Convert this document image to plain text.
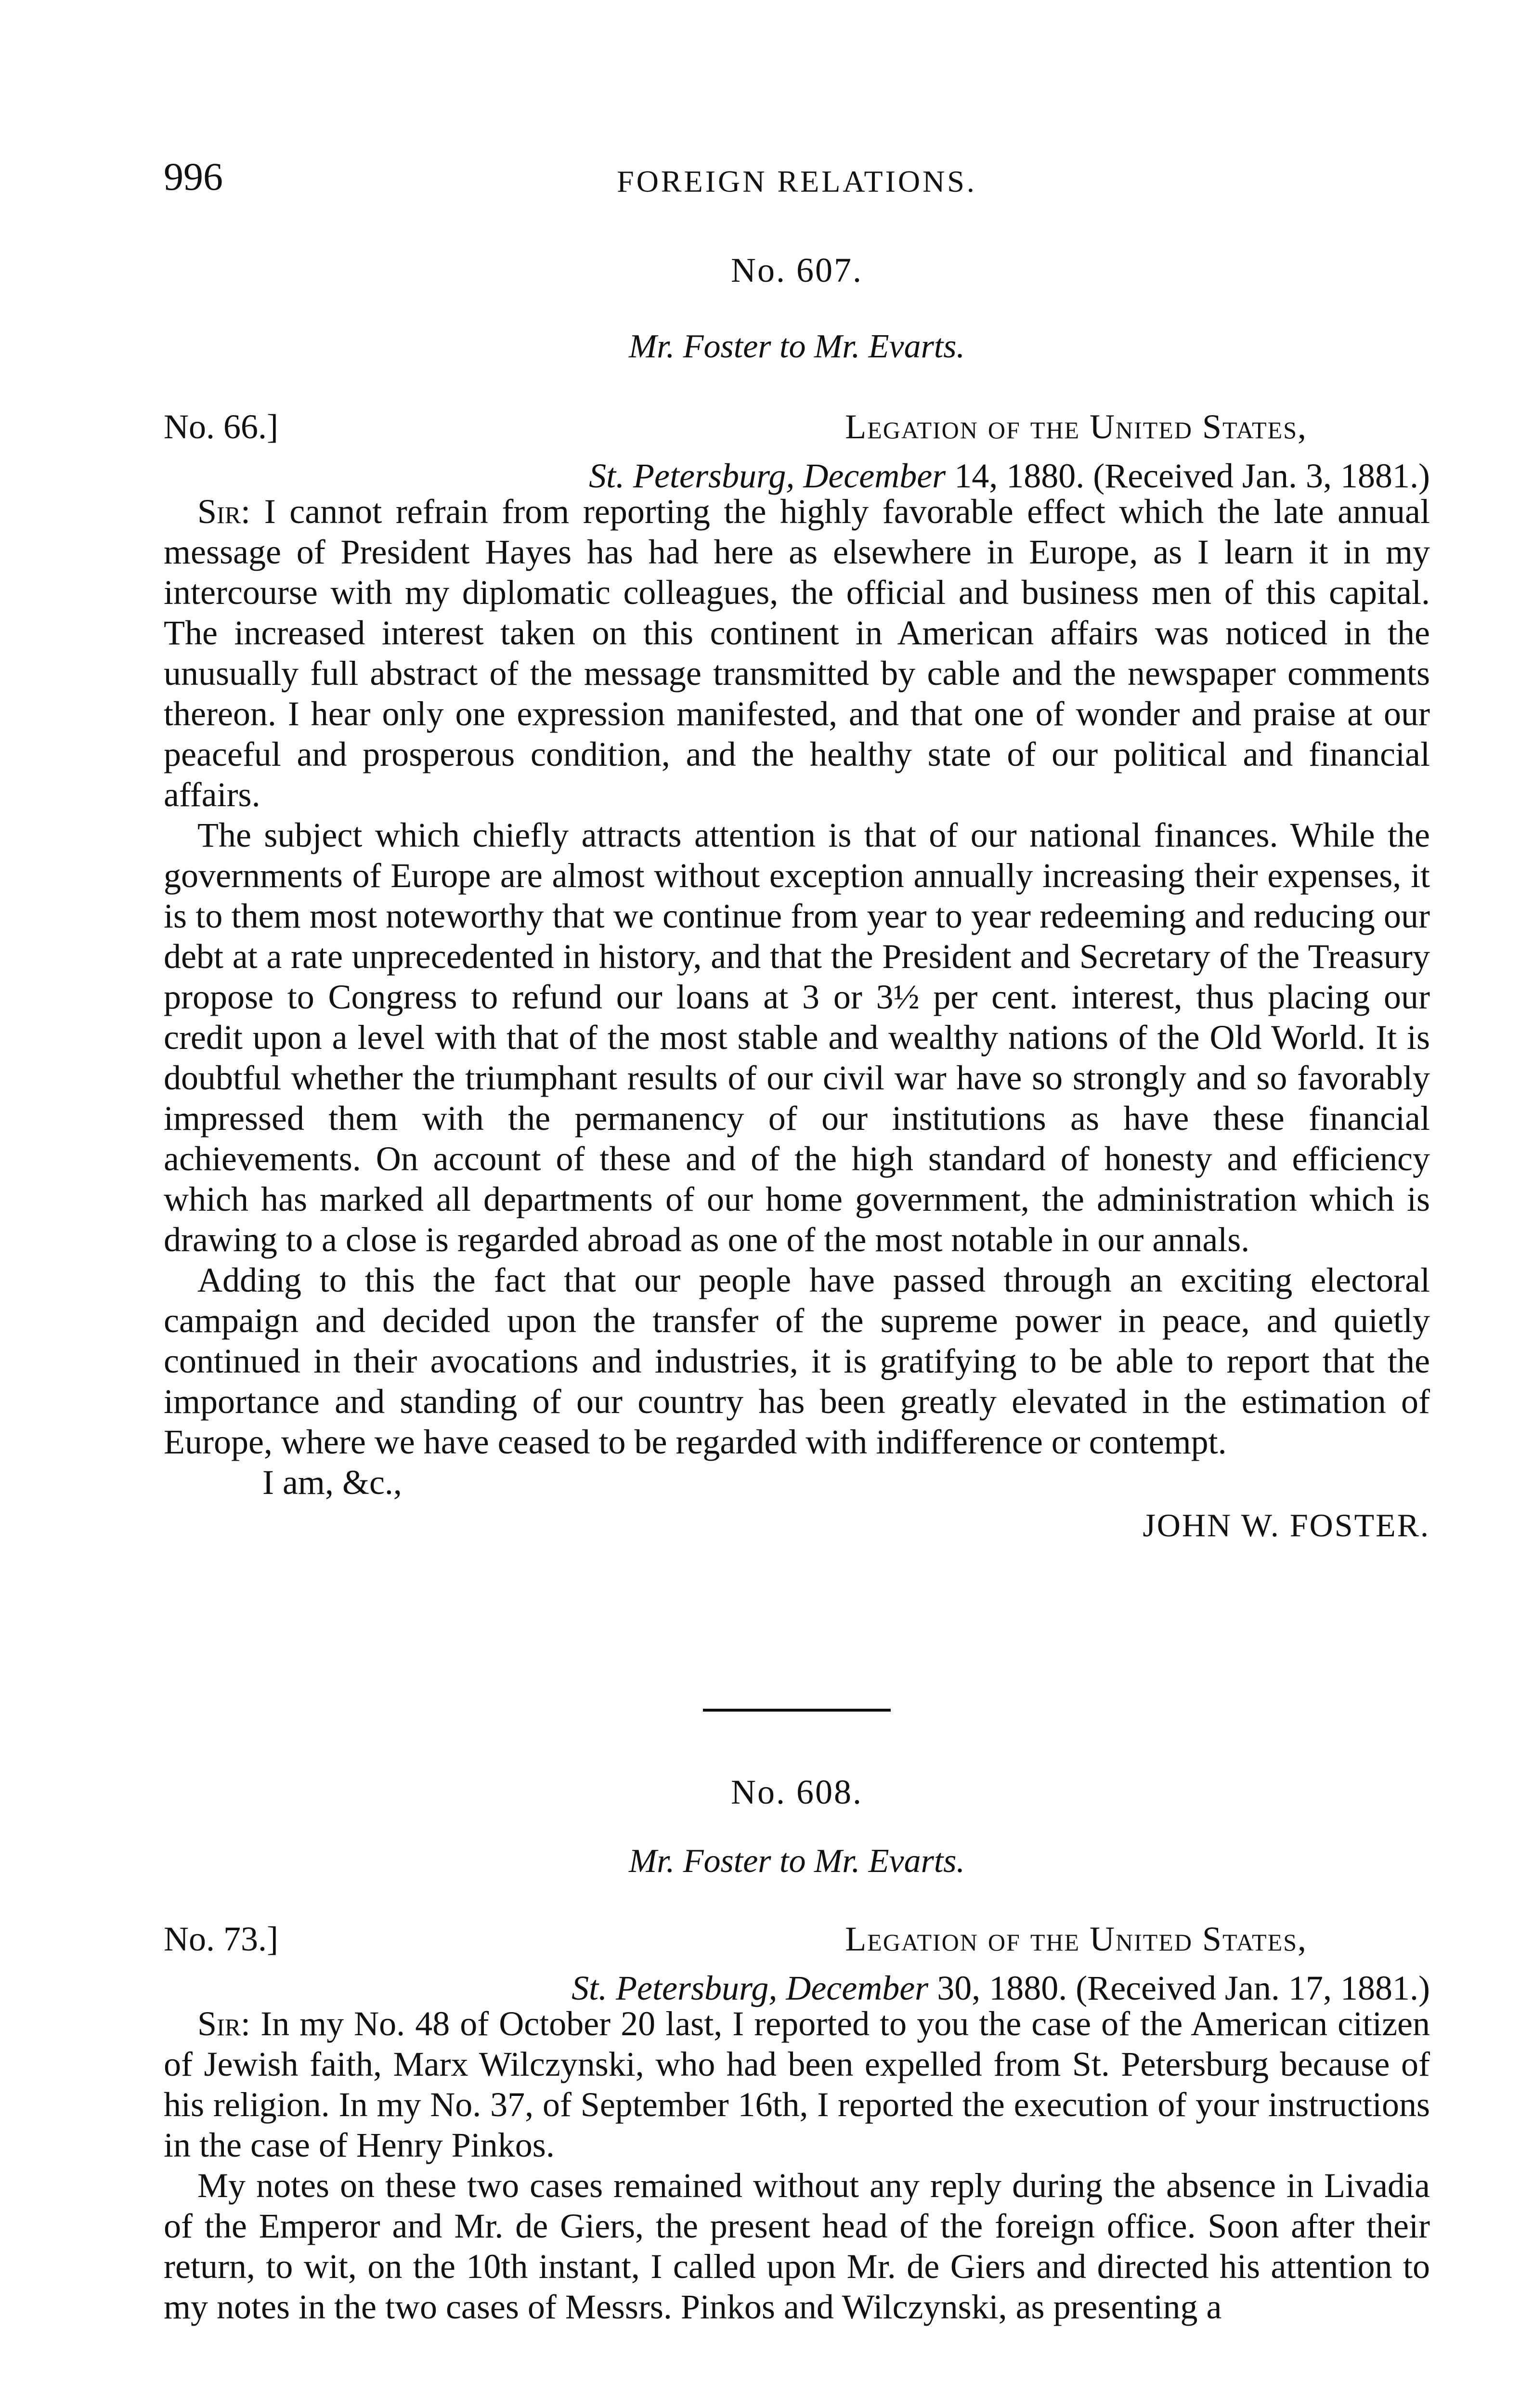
996	FOREIGN RELATIONS.
No. 607.
Mr. Foster to Mr. Evarts.
No. 66.]	Legation of the United States,
St. Petersburg, December 14, 1880. (Received Jan. 3, 1881.)

Sir: I cannot refrain from reporting the highly favorable effect which the late annual message of President Hayes has had here as elsewhere in Europe, as I learn it in my intercourse with my diplomatic colleagues, the official and business men of this capital. The increased interest taken on this continent in American affairs was noticed in the unusually full abstract of the message transmitted by cable and the newspaper comments thereon. I hear only one expression manifested, and that one of wonder and praise at our peaceful and prosperous condition, and the healthy state of our political and financial affairs.

The subject which chiefly attracts attention is that of our national finances. While the governments of Europe are almost without exception annually increasing their expenses, it is to them most noteworthy that we continue from year to year redeeming and reducing our debt at a rate unprecedented in history, and that the President and Secretary of the Treasury propose to Congress to refund our loans at 3 or 3½ per cent. interest, thus placing our credit upon a level with that of the most stable and wealthy nations of the Old World. It is doubtful whether the triumphant results of our civil war have so strongly and so favorably impressed them with the permanency of our institutions as have these financial achievements. On account of these and of the high standard of honesty and efficiency which has marked all departments of our home government, the administration which is drawing to a close is regarded abroad as one of the most notable in our annals.

Adding to this the fact that our people have passed through an exciting electoral campaign and decided upon the transfer of the supreme power in peace, and quietly continued in their avocations and industries, it is gratifying to be able to report that the importance and standing of our country has been greatly elevated in the estimation of Europe, where we have ceased to be regarded with indifference or contempt.

I am, &c.,
JOHN W. FOSTER.
No. 608.
Mr. Foster to Mr. Evarts.
No. 73.]	Legation of the United States,
St. Petersburg, December 30, 1880. (Received Jan. 17, 1881.)

Sir: In my No. 48 of October 20 last, I reported to you the case of the American citizen of Jewish faith, Marx Wilczynski, who had been expelled from St. Petersburg because of his religion. In my No. 37, of September 16th, I reported the execution of your instructions in the case of Henry Pinkos.

My notes on these two cases remained without any reply during the absence in Livadia of the Emperor and Mr. de Giers, the present head of the foreign office. Soon after their return, to wit, on the 10th instant, I called upon Mr. de Giers and directed his attention to my notes in the two cases of Messrs. Pinkos and Wilczynski, as presenting a
